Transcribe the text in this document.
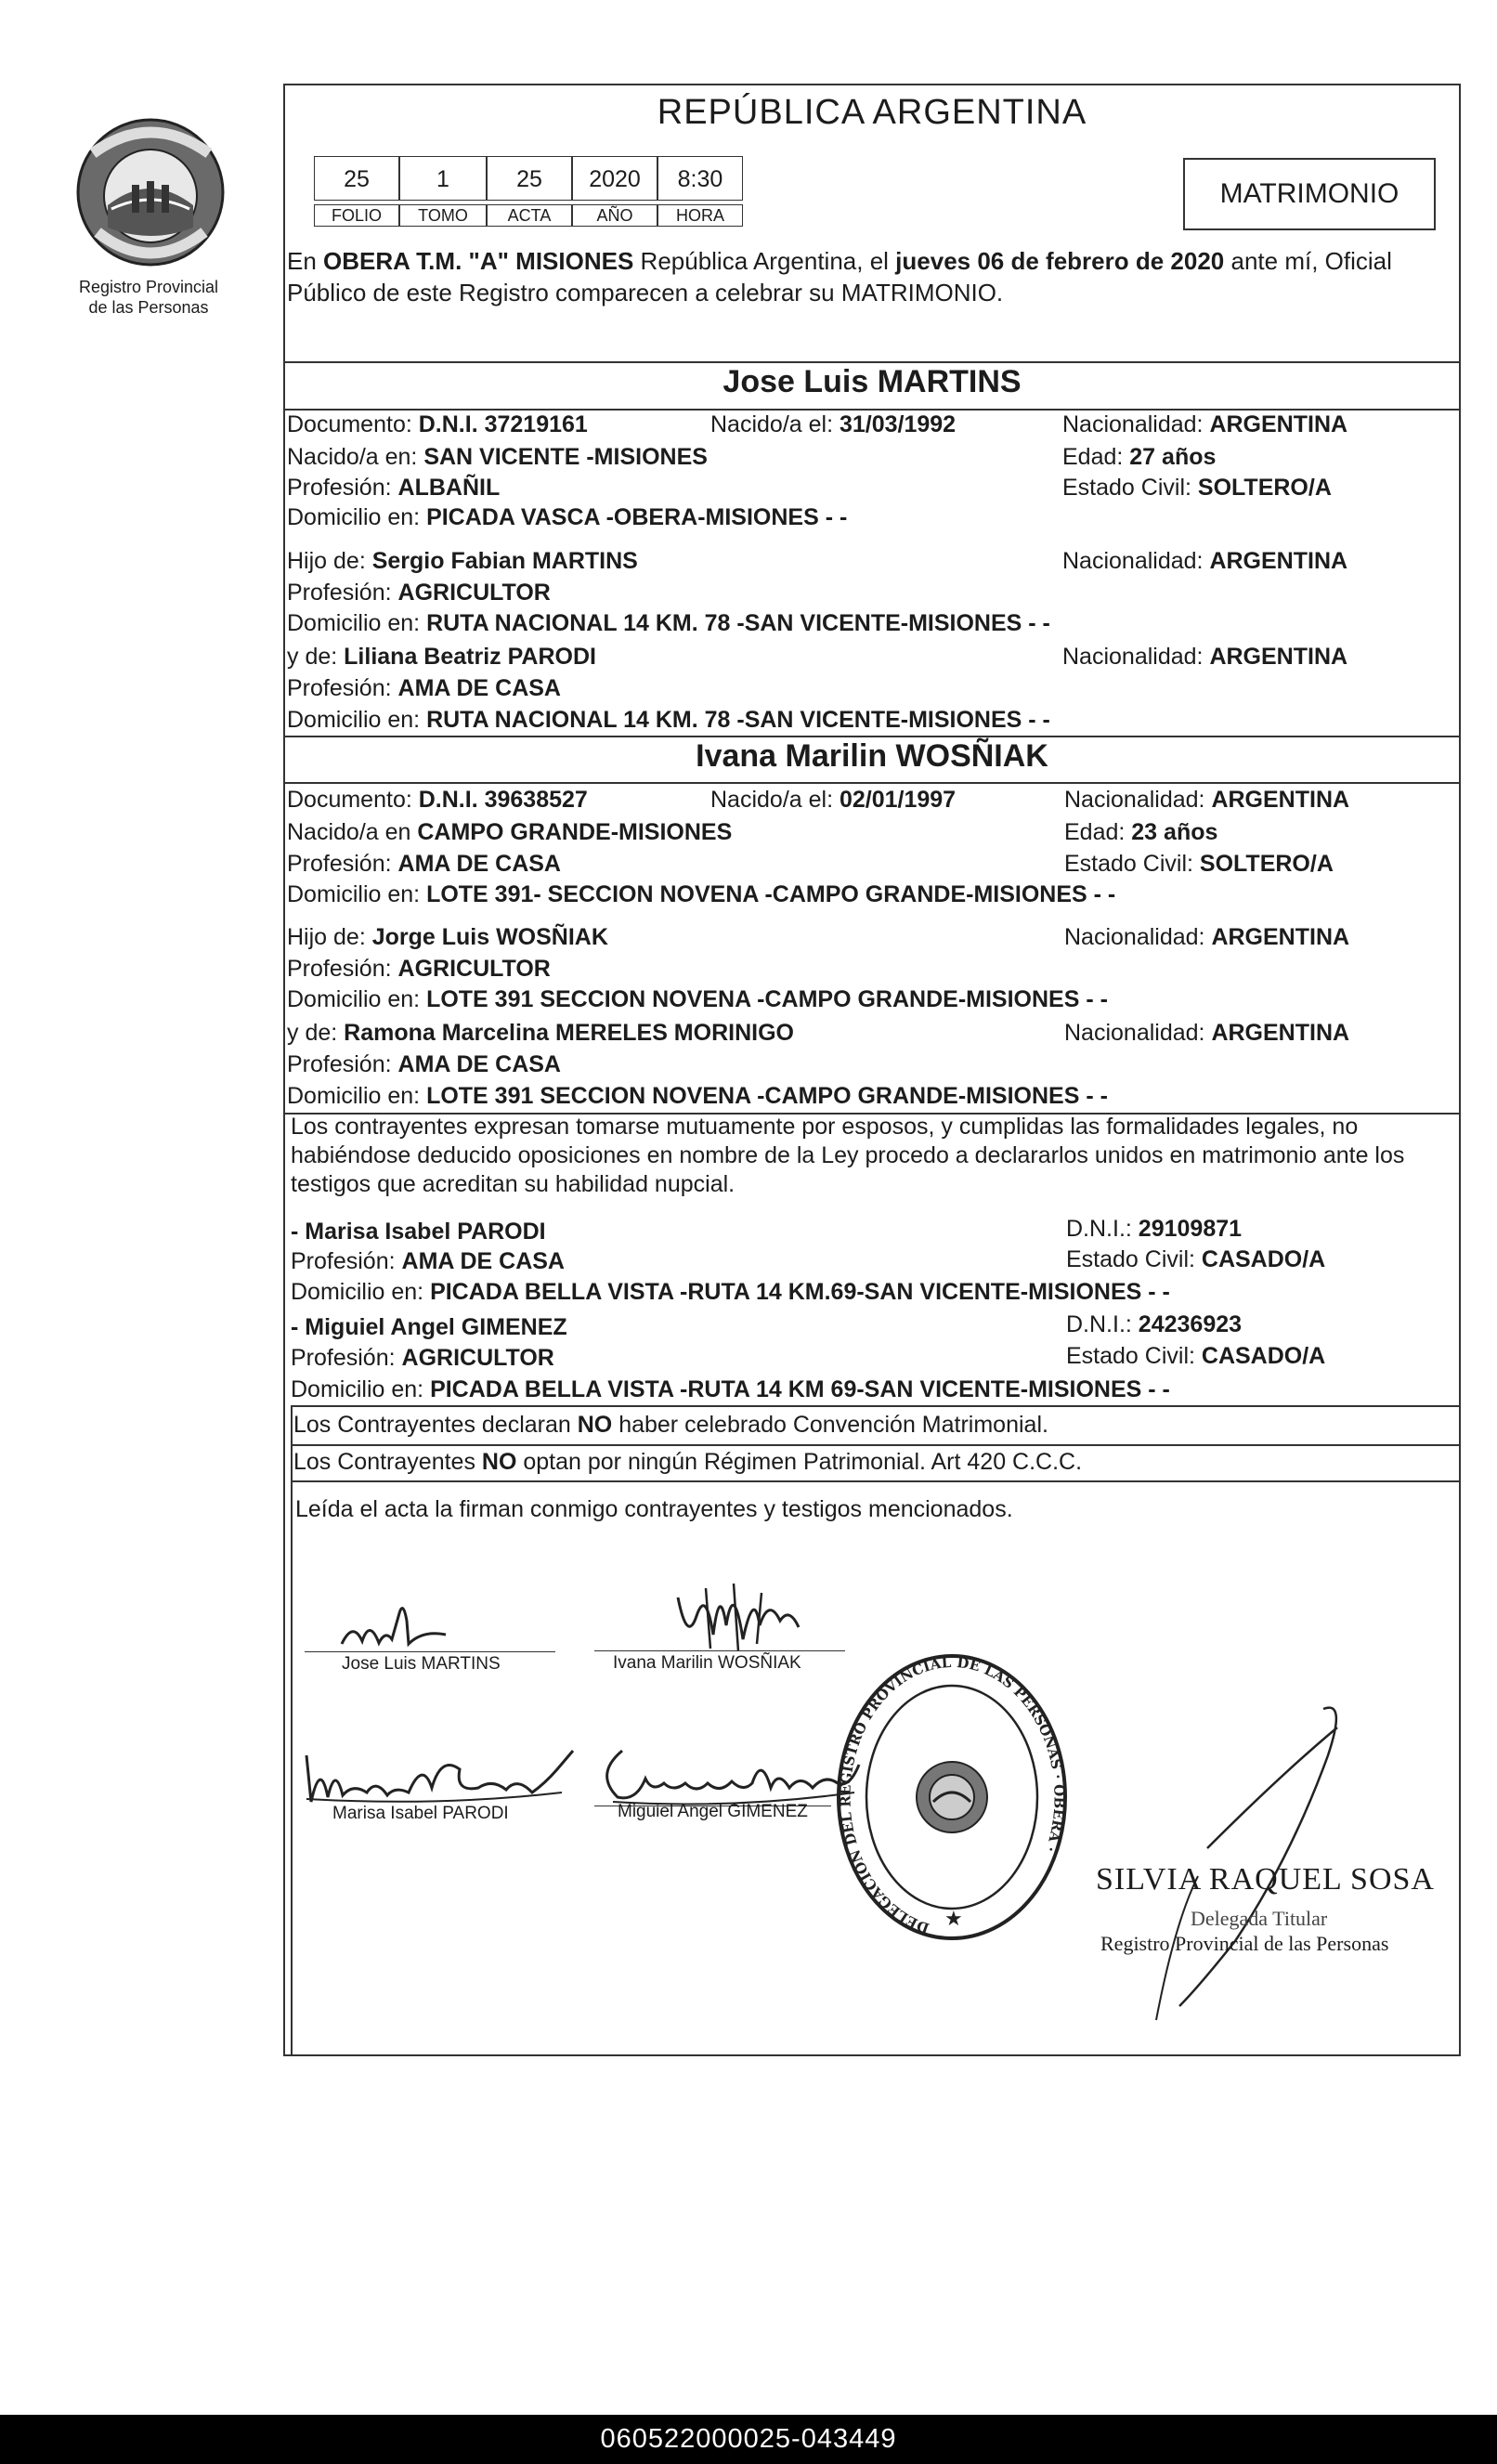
Registro Provincial
de las Personas
REPÚBLICA ARGENTINA
25	1	25	2020	8:30
FOLIO	TOMO	ACTA	AÑO	HORA
MATRIMONIO
En OBERA T.M. "A" MISIONES República Argentina, el jueves 06 de febrero de 2020 ante mí, Oficial Público de este Registro comparecen a celebrar su MATRIMONIO.
Jose Luis MARTINS
Documento: D.N.I. 37219161	Nacido/a el: 31/03/1992	Nacionalidad: ARGENTINA
Nacido/a en: SAN VICENTE -MISIONES	Edad: 27 años
Profesión: ALBAÑIL	Estado Civil: SOLTERO/A
Domicilio en: PICADA VASCA -OBERA-MISIONES - -
Hijo de: Sergio Fabian MARTINS	Nacionalidad: ARGENTINA
Profesión: AGRICULTOR
Domicilio en: RUTA NACIONAL 14 KM. 78 -SAN VICENTE-MISIONES - -
y de: Liliana Beatriz PARODI	Nacionalidad: ARGENTINA
Profesión: AMA DE CASA
Domicilio en: RUTA NACIONAL 14 KM. 78 -SAN VICENTE-MISIONES - -
Ivana Marilin WOSÑIAK
Documento: D.N.I. 39638527	Nacido/a el: 02/01/1997	Nacionalidad: ARGENTINA
Nacido/a en CAMPO GRANDE-MISIONES	Edad: 23 años
Profesión: AMA DE CASA	Estado Civil: SOLTERO/A
Domicilio en: LOTE 391- SECCION NOVENA -CAMPO GRANDE-MISIONES - -
Hijo de: Jorge Luis WOSÑIAK	Nacionalidad: ARGENTINA
Profesión: AGRICULTOR
Domicilio en: LOTE 391 SECCION NOVENA -CAMPO GRANDE-MISIONES - -
y de: Ramona Marcelina MERELES MORINIGO	Nacionalidad: ARGENTINA
Profesión: AMA DE CASA
Domicilio en: LOTE 391 SECCION NOVENA -CAMPO GRANDE-MISIONES - -
Los contrayentes expresan tomarse mutuamente por esposos, y cumplidas las formalidades legales, no habiéndose deducido oposiciones en nombre de la Ley procedo a declararlos unidos en matrimonio ante los testigos que acreditan su habilidad nupcial.
- Marisa Isabel PARODI	D.N.I.: 29109871
Profesión: AMA DE CASA	Estado Civil: CASADO/A
Domicilio en: PICADA BELLA VISTA -RUTA 14 KM.69-SAN VICENTE-MISIONES - -
- Miguiel Angel GIMENEZ	D.N.I.: 24236923
Profesión: AGRICULTOR	Estado Civil: CASADO/A
Domicilio en: PICADA BELLA VISTA -RUTA 14 KM 69-SAN VICENTE-MISIONES - -
Los Contrayentes declaran NO haber celebrado Convención Matrimonial.
Los Contrayentes NO optan por ningún Régimen Patrimonial. Art 420 C.C.C.
Leída el acta la firman conmigo contrayentes y testigos mencionados.
Jose Luis MARTINS	Ivana Marilin WOSÑIAK
Marisa Isabel PARODI	Miguiel Angel GIMENEZ
DELEGACION DEL REGISTRO PROVINCIAL DE LAS PERSONAS · OBERA ·
★
SILVIA RAQUEL SOSA
Delegada Titular
Registro Provincial de las Personas
060522000025-043449
